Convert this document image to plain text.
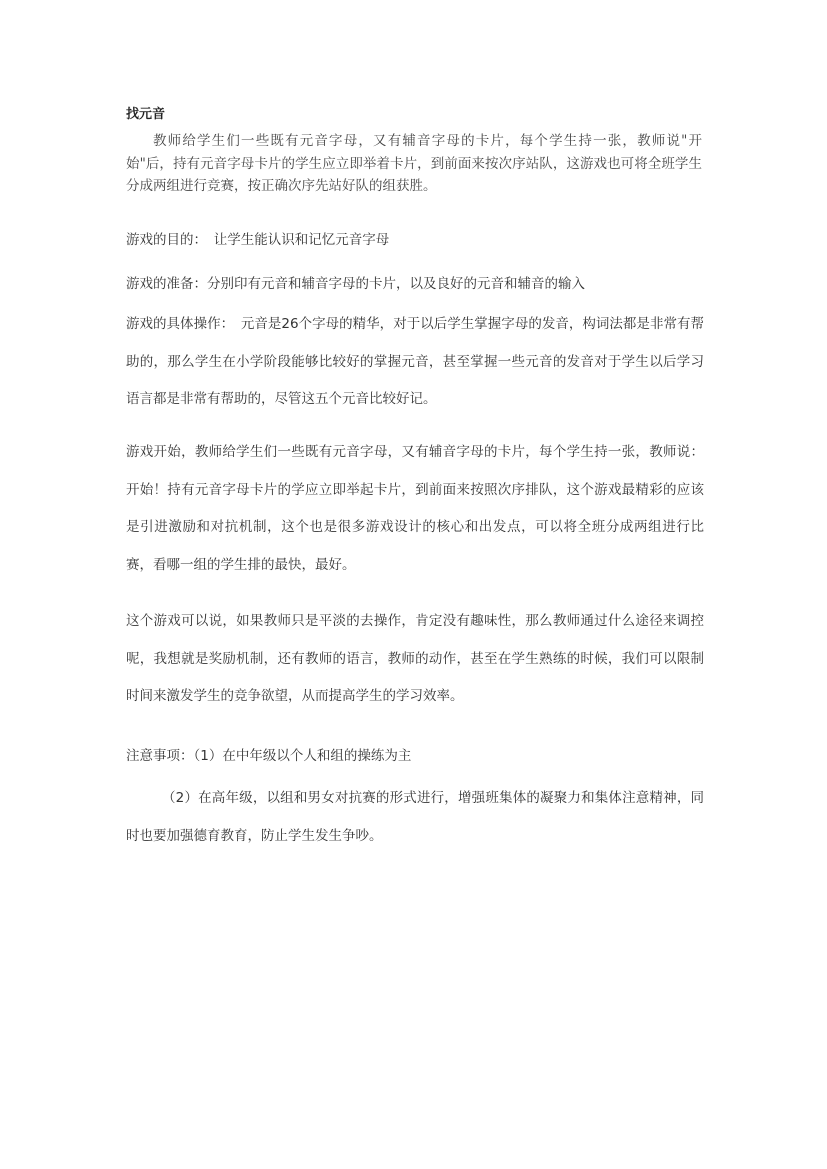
找元音

教师给学生们一些既有元音字母，又有辅音字母的卡片，每个学生持一张，教师说"开始"后，持有元音字母卡片的学生应立即举着卡片，到前面来按次序站队，这游戏也可将全班学生分成两组进行竞赛，按正确次序先站好队的组获胜。

游戏的目的：　让学生能认识和记忆元音字母

游戏的准备：分别印有元音和辅音字母的卡片，以及良好的元音和辅音的输入

游戏的具体操作：　元音是26个字母的精华，对于以后学生掌握字母的发音，构词法都是非常有帮助的，那么学生在小学阶段能够比较好的掌握元音，甚至掌握一些元音的发音对于学生以后学习语言都是非常有帮助的，尽管这五个元音比较好记。

游戏开始，教师给学生们一些既有元音字母，又有辅音字母的卡片，每个学生持一张，教师说：开始！持有元音字母卡片的学应立即举起卡片，到前面来按照次序排队，这个游戏最精彩的应该是引进激励和对抗机制，这个也是很多游戏设计的核心和出发点，可以将全班分成两组进行比赛，看哪一组的学生排的最快，最好。

这个游戏可以说，如果教师只是平淡的去操作，肯定没有趣味性，那么教师通过什么途径来调控呢，我想就是奖励机制，还有教师的语言，教师的动作，甚至在学生熟练的时候，我们可以限制时间来激发学生的竞争欲望，从而提高学生的学习效率。

注意事项：（1）在中年级以个人和组的操练为主

（2）在高年级，以组和男女对抗赛的形式进行，增强班集体的凝聚力和集体注意精神，同时也要加强德育教育，防止学生发生争吵。
